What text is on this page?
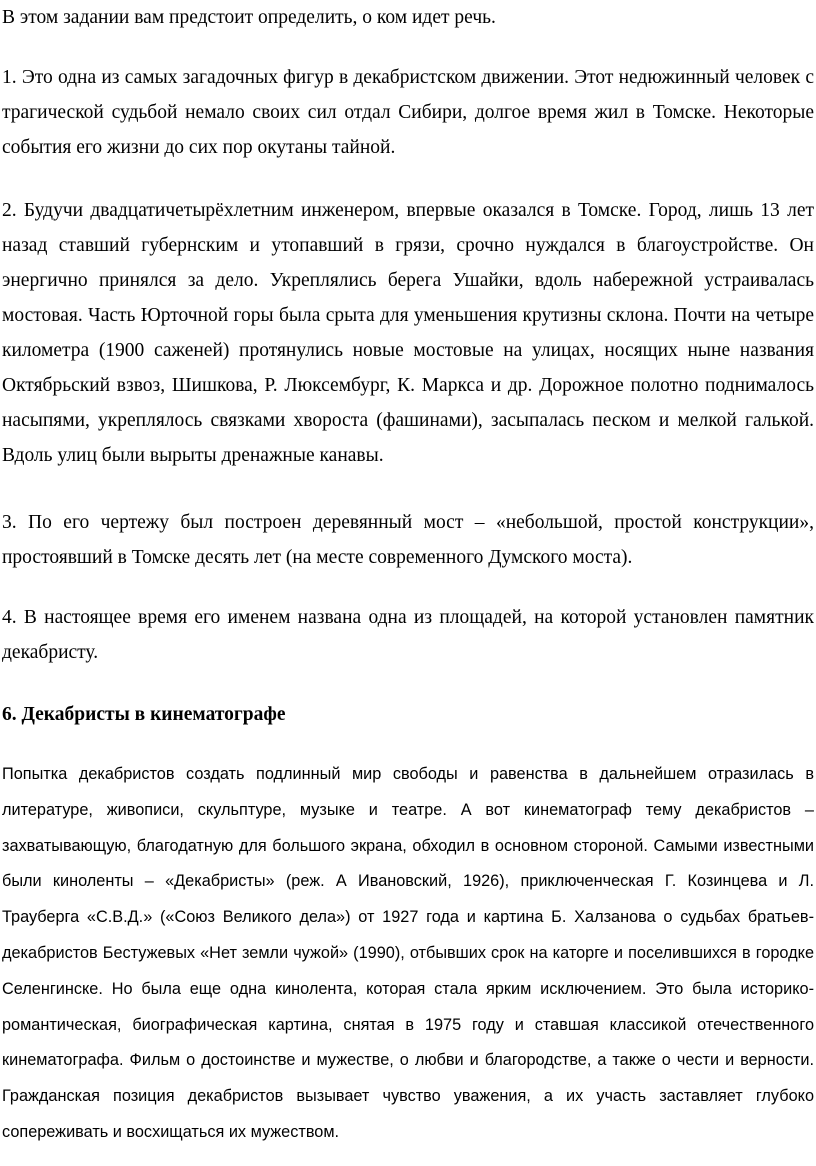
В этом задании вам предстоит определить, о ком идет речь.

1. Это одна из самых загадочных фигур в декабристском движении. Этот недюжинный человек с трагической судьбой немало своих сил отдал Сибири, долгое время жил в Томске. Некоторые события его жизни до сих пор окутаны тайной.

2. Будучи двадцатичетырёхлетним инженером, впервые оказался в Томске. Город, лишь 13 лет назад ставший губернским и утопавший в грязи, срочно нуждался в благоустройстве. Он энергично принялся за дело. Укреплялись берега Ушайки, вдоль набережной устраивалась мостовая. Часть Юрточной горы была срыта для уменьшения крутизны склона. Почти на четыре километра (1900 саженей) протянулись новые мостовые на улицах, носящих ныне названия Октябрьский взвоз, Шишкова, Р. Люксембург, К. Маркса и др. Дорожное полотно поднималось насыпями, укреплялось связками хвороста (фашинами), засыпалась песком и мелкой галькой. Вдоль улиц были вырыты дренажные канавы.

3. По его чертежу был построен деревянный мост – «небольшой, простой конструкции», простоявший в Томске десять лет (на месте современного Думского моста).

4. В настоящее время его именем названа одна из площадей, на которой установлен памятник декабристу.

6. Декабристы в кинематографе

Попытка декабристов создать подлинный мир свободы и равенства в дальнейшем отразилась в литературе, живописи, скульптуре, музыке и театре. А вот кинематограф тему декабристов – захватывающую, благодатную для большого экрана, обходил в основном стороной. Самыми известными были киноленты – «Декабристы» (реж. А Ивановский, 1926), приключенческая Г. Козинцева и Л. Трауберга «С.В.Д.» («Союз Великого дела») от 1927 года и картина Б. Халзанова о судьбах братьев-декабристов Бестужевых «Нет земли чужой» (1990), отбывших срок на каторге и поселившихся в городке Селенгинске. Но была еще одна кинолента, которая стала ярким исключением. Это была историко-романтическая, биографическая картина, снятая в 1975 году и ставшая классикой отечественного кинематографа. Фильм о достоинстве и мужестве, о любви и благородстве, а также о чести и верности. Гражданская позиция декабристов вызывает чувство уважения, а их участь заставляет глубоко сопереживать и восхищаться их мужеством.
